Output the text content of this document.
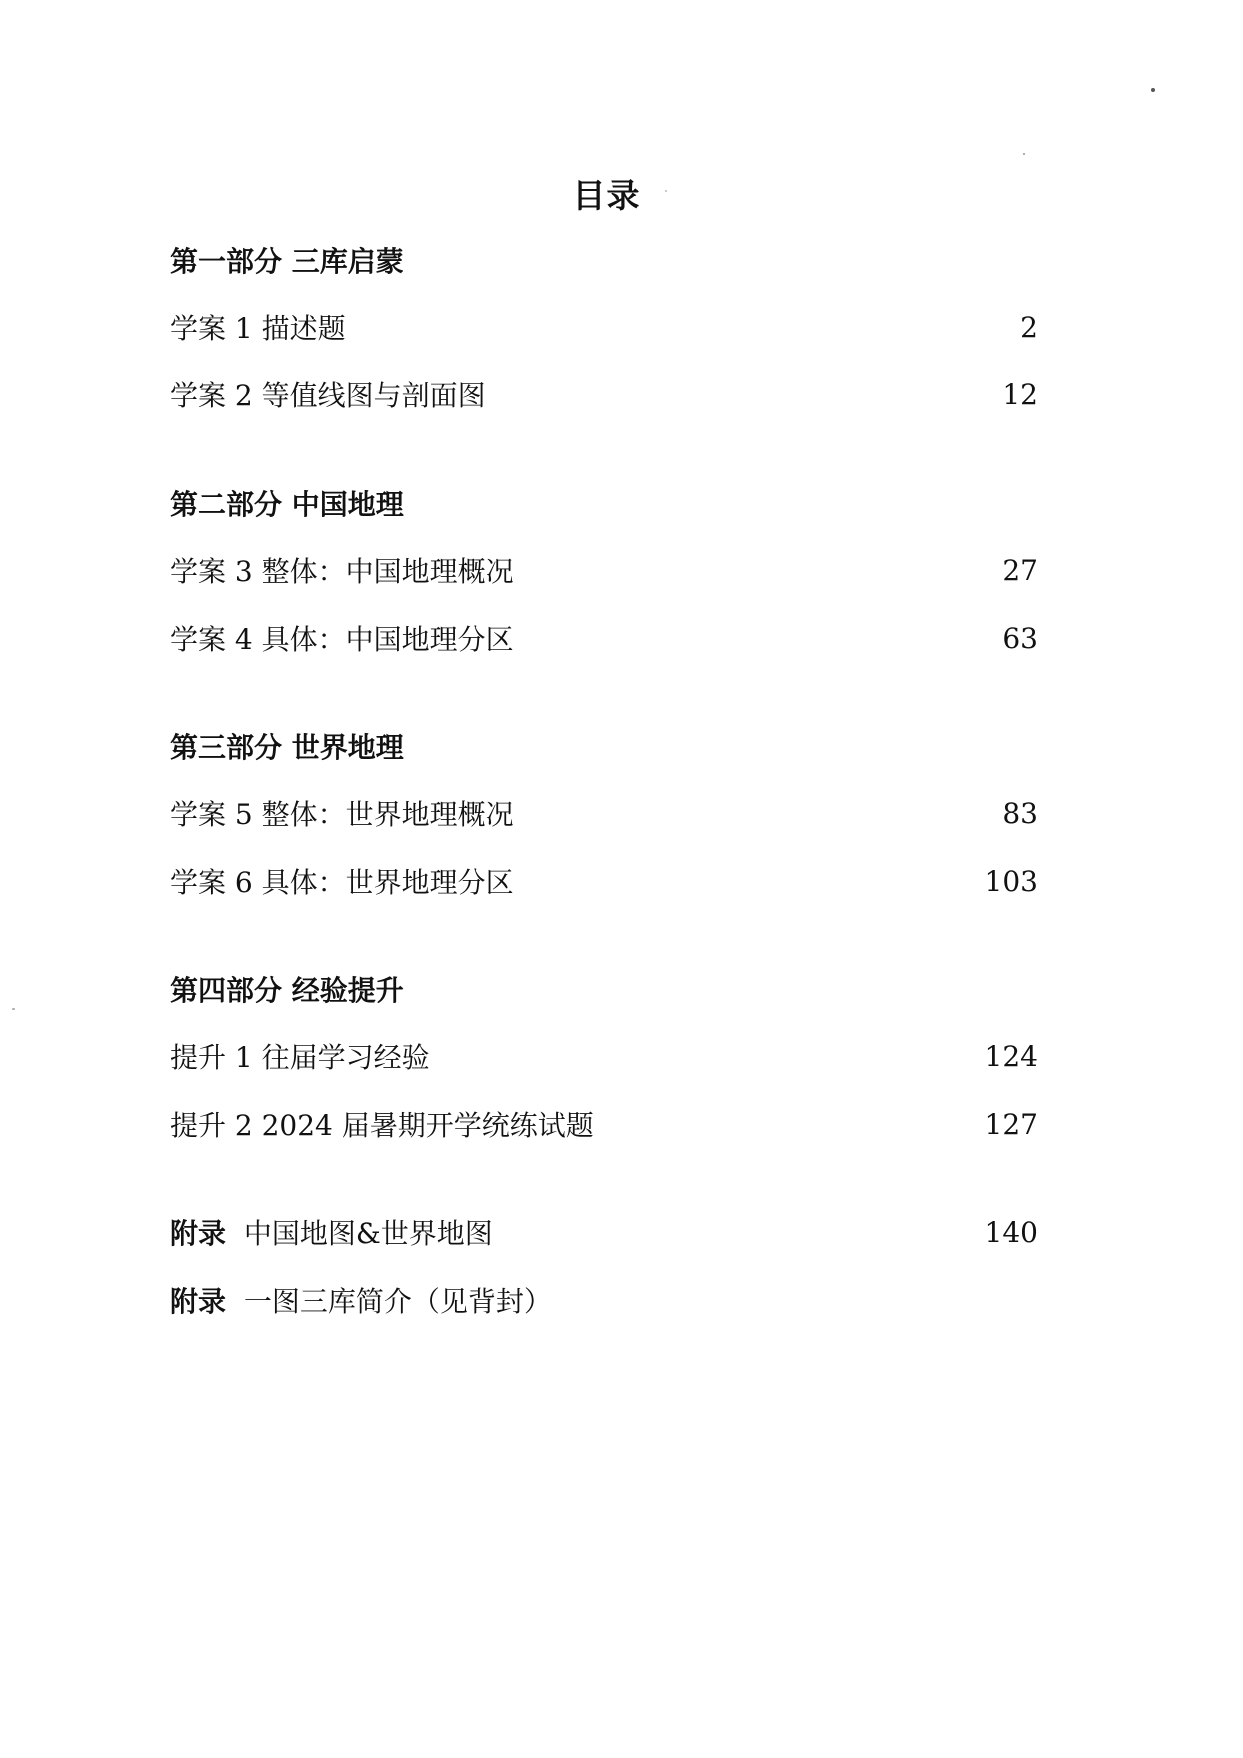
目录
第一部分 三库启蒙
学案 1 描述题	2
学案 2 等值线图与剖面图	12
第二部分 中国地理
学案 3 整体：中国地理概况	27
学案 4 具体：中国地理分区	63
第三部分 世界地理
学案 5 整体：世界地理概况	83
学案 6 具体：世界地理分区	103
第四部分 经验提升
提升 1 往届学习经验	124
提升 2 2024 届暑期开学统练试题	127
附录 中国地图&世界地图	140
附录 一图三库简介（见背封）
